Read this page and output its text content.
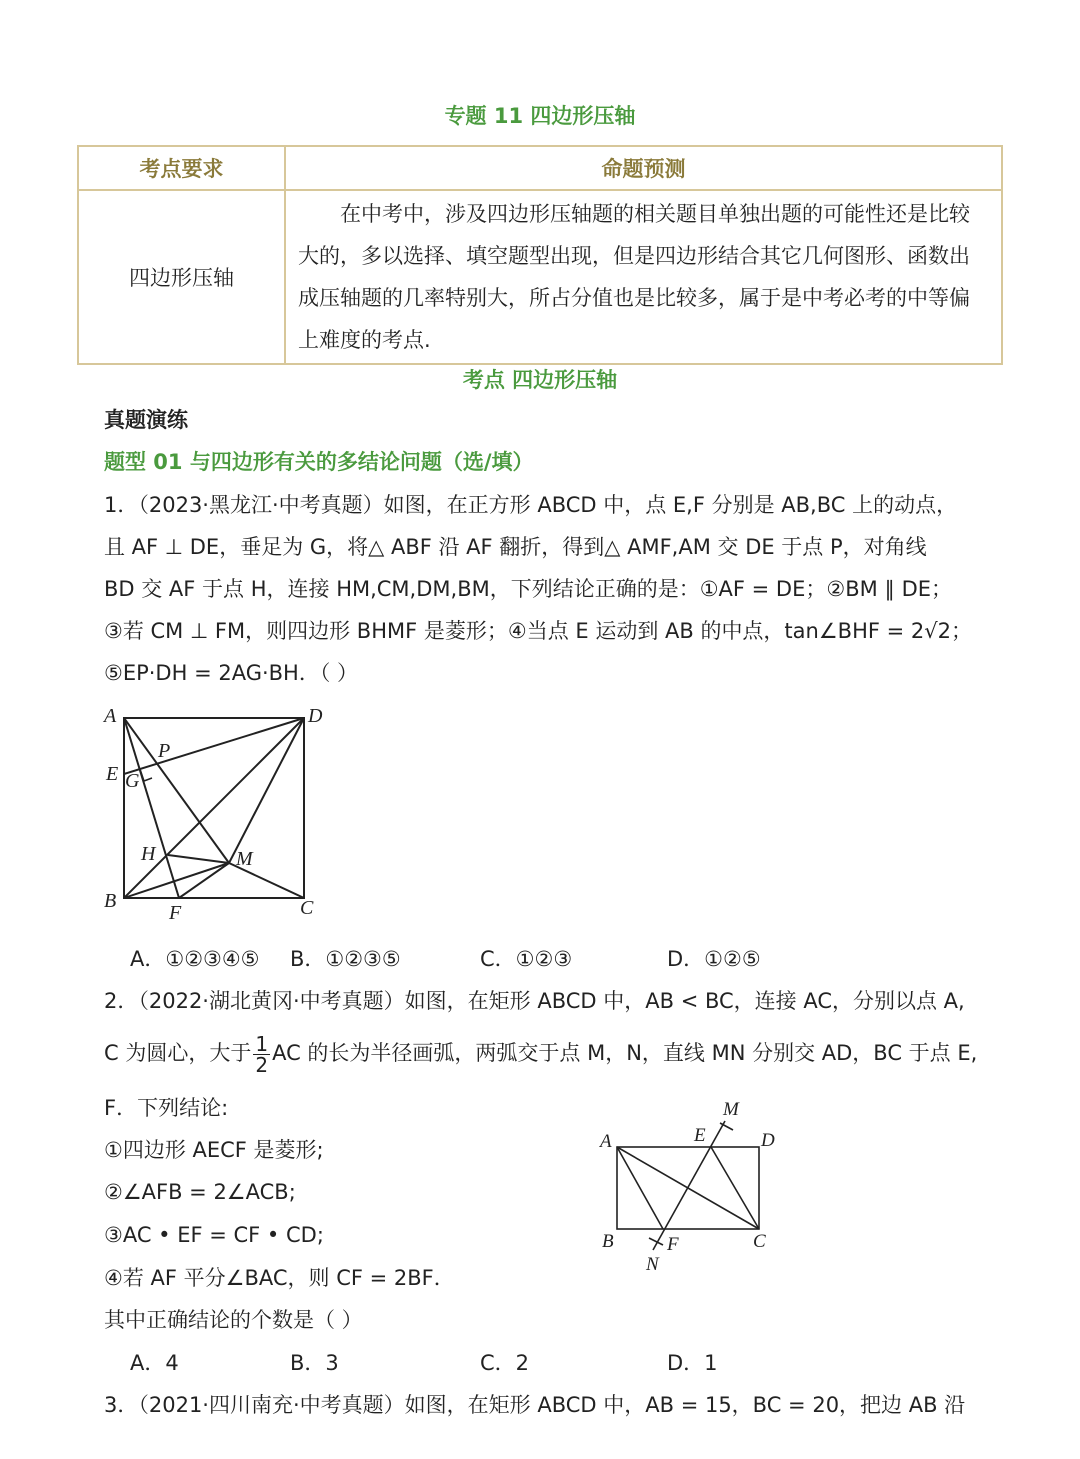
专题 11 四边形压轴
考点要求	命题预测
四边形压轴	在中考中，涉及四边形压轴题的相关题目单独出题的可能性还是比较
大的，多以选择、填空题型出现，但是四边形结合其它几何图形、函数出
成压轴题的几率特别大，所占分值也是比较多，属于是中考必考的中等偏
上难度的考点.
考点 四边形压轴
真题演练
题型 01 与四边形有关的多结论问题（选/填）
1．（2023·黑龙江·中考真题）如图，在正方形 ABCD 中，点 E,F 分别是 AB,BC 上的动点，
且 AF ⊥ DE，垂足为 G，将△ ABF 沿 AF 翻折，得到△ AMF,AM 交 DE 于点 P，对角线
BD 交 AF 于点 H，连接 HM,CM,DM,BM，下列结论正确的是：①AF = DE；②BM ∥ DE；
③若 CM ⊥ FM，则四边形 BHMF 是菱形；④当点 E 运动到 AB 的中点，tan∠BHF = 2√2；
⑤EP·DH = 2AG·BH．（ ）
A	D
P
E G
H	M
B
F	C
A．①②③④⑤ B．①②③⑤	C．①②③	D．①②⑤
2．（2022·湖北黄冈·中考真题）如图，在矩形 ABCD 中，AB < BC，连接 AC，分别以点 A,
C 为圆心，大于 $\frac{1}{2}$ AC 的长为半径画弧，两弧交于点 M，N，直线 MN 分别交 AD，BC 于点 E,
F．下列结论:
①四边形 AECF 是菱形;
②∠AFB = 2∠ACB;
③AC • EF = CF • CD;
④若 AF 平分∠BAC，则 CF = 2BF．
其中正确结论的个数是（ ）
M
E	D
A
B	F	C
N
A．4	B．3	C．2	D．1
3．（2021·四川南充·中考真题）如图，在矩形 ABCD 中，AB = 15，BC = 20，把边 AB 沿
